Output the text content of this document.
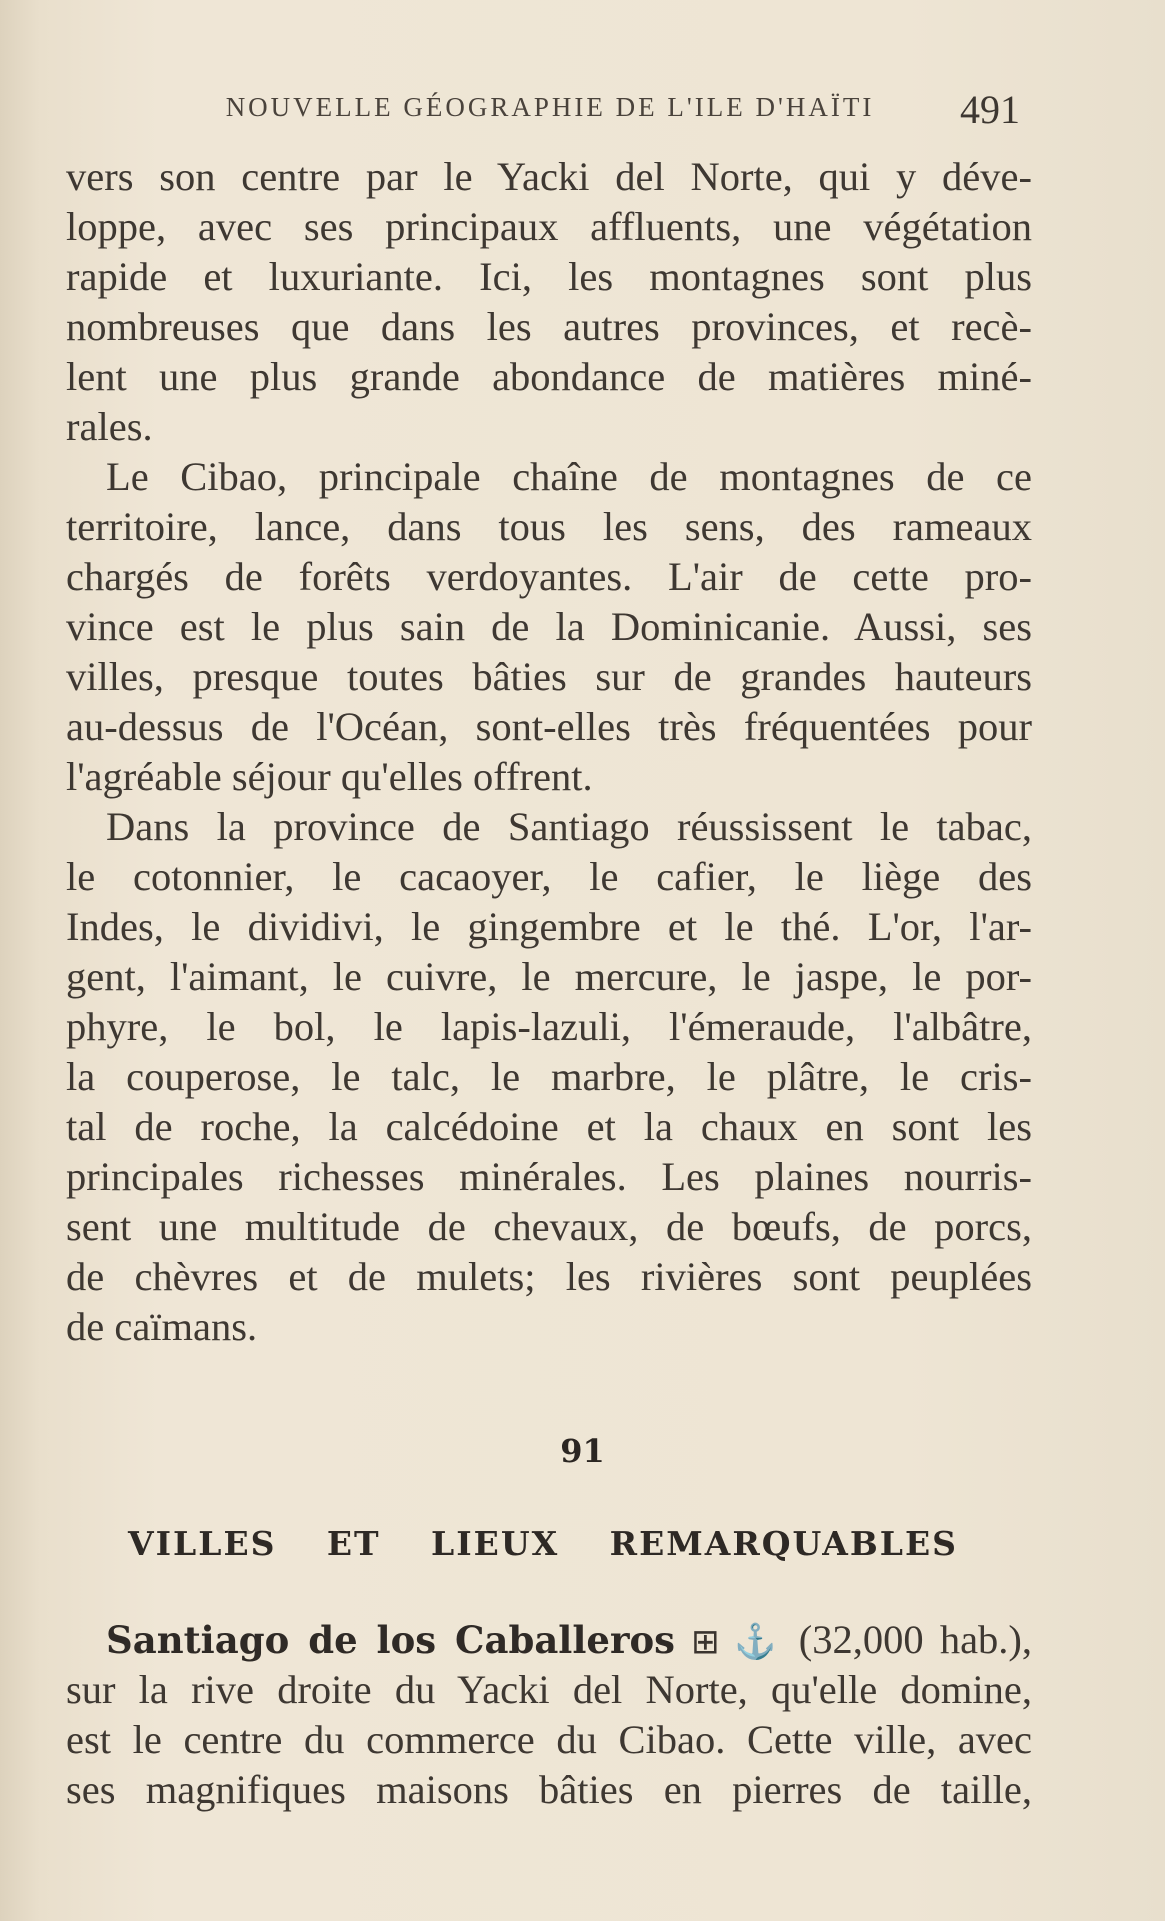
NOUVELLE GÉOGRAPHIE DE L'ILE D'HAÏTI	491
vers son centre par le Yacki del Norte, qui y déve-
loppe, avec ses principaux affluents, une végétation
rapide et luxuriante. Ici, les montagnes sont plus
nombreuses que dans les autres provinces, et recè-
lent une plus grande abondance de matières miné-
rales.
Le Cibao, principale chaîne de montagnes de ce
territoire, lance, dans tous les sens, des rameaux
chargés de forêts verdoyantes. L'air de cette pro-
vince est le plus sain de la Dominicanie. Aussi, ses
villes, presque toutes bâties sur de grandes hauteurs
au-dessus de l'Océan, sont-elles très fréquentées pour
l'agréable séjour qu'elles offrent.
Dans la province de Santiago réussissent le tabac,
le cotonnier, le cacaoyer, le cafier, le liège des
Indes, le dividivi, le gingembre et le thé. L'or, l'ar-
gent, l'aimant, le cuivre, le mercure, le jaspe, le por-
phyre, le bol, le lapis-lazuli, l'émeraude, l'albâtre,
la couperose, le talc, le marbre, le plâtre, le cris-
tal de roche, la calcédoine et la chaux en sont les
principales richesses minérales. Les plaines nourris-
sent une multitude de chevaux, de bœufs, de porcs,
de chèvres et de mulets; les rivières sont peuplées
de caïmans.
91
VILLES ET LIEUX REMARQUABLES
Santiago de los Caballeros ⊞ ⚓ (32,000 hab.),
sur la rive droite du Yacki del Norte, qu'elle domine,
est le centre du commerce du Cibao. Cette ville, avec
ses magnifiques maisons bâties en pierres de taille,
